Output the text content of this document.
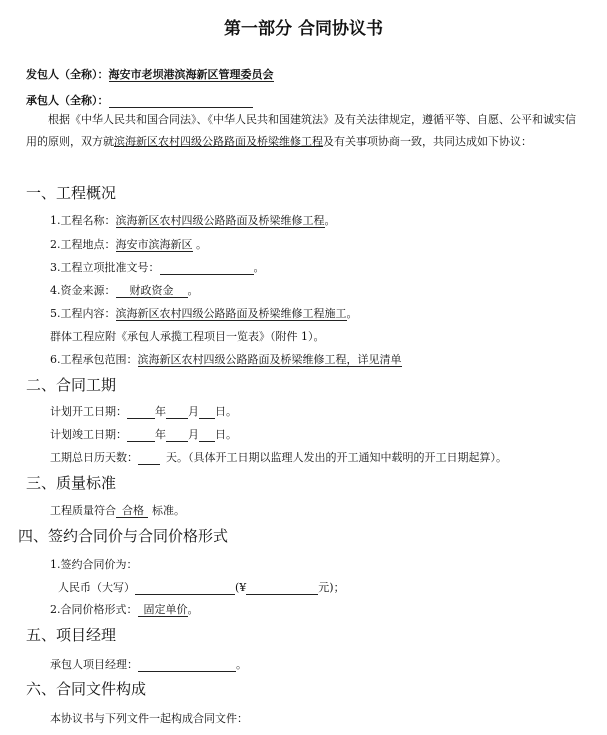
第一部分 合同协议书
发包人（全称）：海安市老坝港滨海新区管理委员会
承包人（全称）：
根据《中华人民共和国合同法》、《中华人民共和国建筑法》及有关法律规定，遵循平等、自愿、公平和诚实信用的原则，双方就滨海新区农村四级公路路面及桥梁维修工程及有关事项协商一致，共同达成如下协议：
一、工程概况
1.工程名称：滨海新区农村四级公路路面及桥梁维修工程。
2.工程地点：海安市滨海新区 。
3.工程立项批准文号：	。
4.资金来源： 财政资金 。
5.工程内容：滨海新区农村四级公路路面及桥梁维修工程施工。
群体工程应附《承包人承揽工程项目一览表》（附件 1）。
6.工程承包范围：滨海新区农村四级公路路面及桥梁维修工程，详见清单
二、合同工期
计划开工日期：	年 月 日。
计划竣工日期：	年 月 日。
工期总日历天数：	天。（具体开工日期以监理人发出的开工通知中载明的开工日期起算）。
三、质量标准
工程质量符合 合格 标准。
四、签约合同价与合同价格形式
1.签约合同价为：
人民币（大写）	(¥	元)；
2.合同价格形式： 固定单价。
五、项目经理
承包人项目经理：	。
六、合同文件构成
本协议书与下列文件一起构成合同文件：
